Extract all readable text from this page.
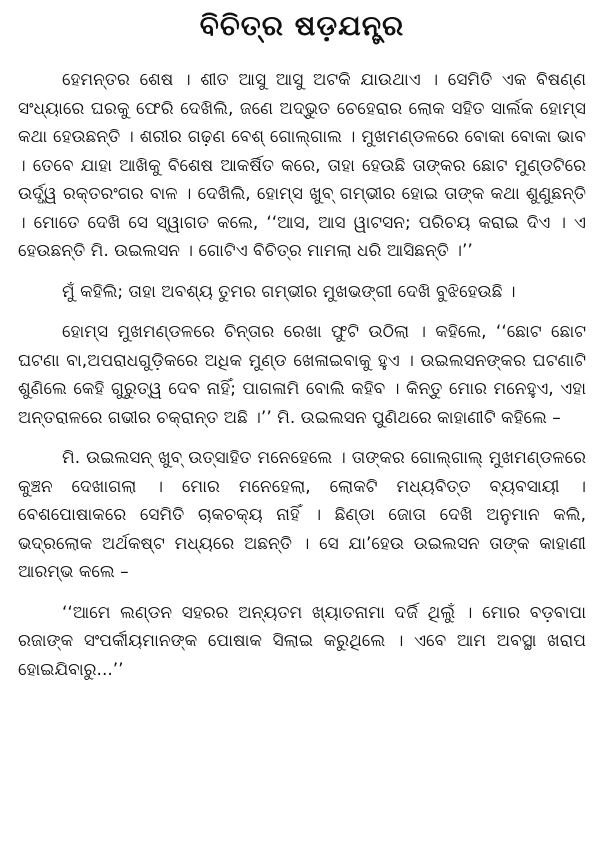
ବିଚିତ୍ର ଷଡ଼ଯନ୍ତ୍ର

ହେମନ୍ତର ଶେଷ । ଶୀତ ଆସୁ ଆସୁ ଅଟକି ଯାଉଥାଏ । ସେମିତି ଏକ ବିଷଣ୍ଣ ସଂଧ୍ୟାରେ ଘରକୁ ଫେରି ଦେଖିଲି, ଜଣେ ଅଦ୍ଭୁତ ଚେହେରାର ଲୋକ ସହିତ ସାର୍ଲକ ହୋମ୍ସ କଥା ହେଉଛନ୍ତି । ଶରୀର ଗଢ଼ଣ ବେଶ୍ ଗୋଲ୍‌ଗାଲ । ମୁଖମଣ୍ଡଳରେ ବୋକା ବୋକା ଭାବ । ତେବେ ଯାହା ଆଖିକୁ ବିଶେଷ ଆକର୍ଷିତ କରେ, ତାହା ହେଉଛି ତାଙ୍କର ଛୋଟ ମୁଣ୍ଡଟିରେ ଉର୍ଦ୍ଧ୍ୱ ରକ୍ତରଂଗର ବାଳ । ଦେଖିଲି, ହୋମ୍ସ ଖୁବ୍ ଗମ୍ଭୀର ହୋଇ ତାଙ୍କ କଥା ଶୁଣୁଛନ୍ତି । ମୋତେ ଦେଖି ସେ ସ୍ୱାଗତ କଲେ, ‘‘ଆସ, ଆସ ୱାଟସନ; ପରିଚୟ କରାଇ ଦିଏ । ଏ ହେଉଛନ୍ତି ମି. ଉଇଲସନ । ଗୋଟିଏ ବିଚିତ୍ର ମାମଲା ଧରି ଆସିଛନ୍ତି ।’’

ମୁଁ କହିଲି; ତାହା ଅବଶ୍ୟ ତୁମର ଗମ୍ଭୀର ମୁଖଭଙ୍ଗୀ ଦେଖି ବୁଝିହେଉଛି ।

ହୋମ୍ସ ମୁଖମଣ୍ଡଳରେ ଚିନ୍ତାର ରେଖା ଫୁଟି ଉଠିଲା । କହିଲେ, ‘‘ଛୋଟ ଛୋଟ ଘଟଣା ବା,ଅପରାଧଗୁଡ଼ିକରେ ଅଧିକ ମୁଣ୍ଡ ଖେଳାଇବାକୁ ହୁଏ । ଉଇଲସନଙ୍କର ଘଟଣାଟି ଶୁଣିଲେ କେହି ଗୁରୁତ୍ୱ ଦେବ ନାହିଁ; ପାଗଳାମି ବୋଲି କହିବ । କିନ୍ତୁ ମୋର ମନେହୁଏ, ଏହା ଅନ୍ତରାଳରେ ଗଭୀର ଚକ୍ରାନ୍ତ ଅଛି ।’’ ମି. ଉଇଲସନ ପୁଣିଥରେ କାହାଣୀଟି କହିଲେ –

ମି. ଉଇଲସନ୍ ଖୁବ୍ ଉତ୍ସାହିତ ମନେହେଲେ । ତାଙ୍କର ଗୋଲ୍‌ଗାଲ୍ ମୁଖମଣ୍ଡଳରେ କୁଞ୍ଚନ ଦେଖାଗଲା । ମୋର ମନେହେଲା, ଲୋକଟି ମଧ୍ୟବିତ୍ତ ବ୍ୟବସାୟୀ । ବେଶପୋଷାକରେ ସେମିତି ଚାକଚକ୍ୟ ନାହିଁ । ଛିଣ୍ଡା ଜୋତା ଦେଖି ଅନୁମାନ କଲି, ଭଦ୍ରଲୋକ ଅର୍ଥକଷ୍ଟ ମଧ୍ୟରେ ଅଛନ୍ତି । ସେ ଯା’ହେଉ ଉଇଲସନ ତାଙ୍କ କାହାଣୀ ଆରମ୍ଭ କଲେ –

‘‘ଆମେ ଲଣ୍ଡନ ସହରର ଅନ୍ୟତମ ଖ୍ୟାତନାମା ଦର୍ଜି ଥିଲୁଁ । ମୋର ବଡ଼ବାପା ରଜାଙ୍କ ସଂପର୍କୀୟମାନଙ୍କ ପୋଷାକ ସିଲାଇ କରୁଥିଲେ । ଏବେ ଆମ ଅବସ୍ଥା ଖରାପ ହୋଇଯିବାରୁ...’’
